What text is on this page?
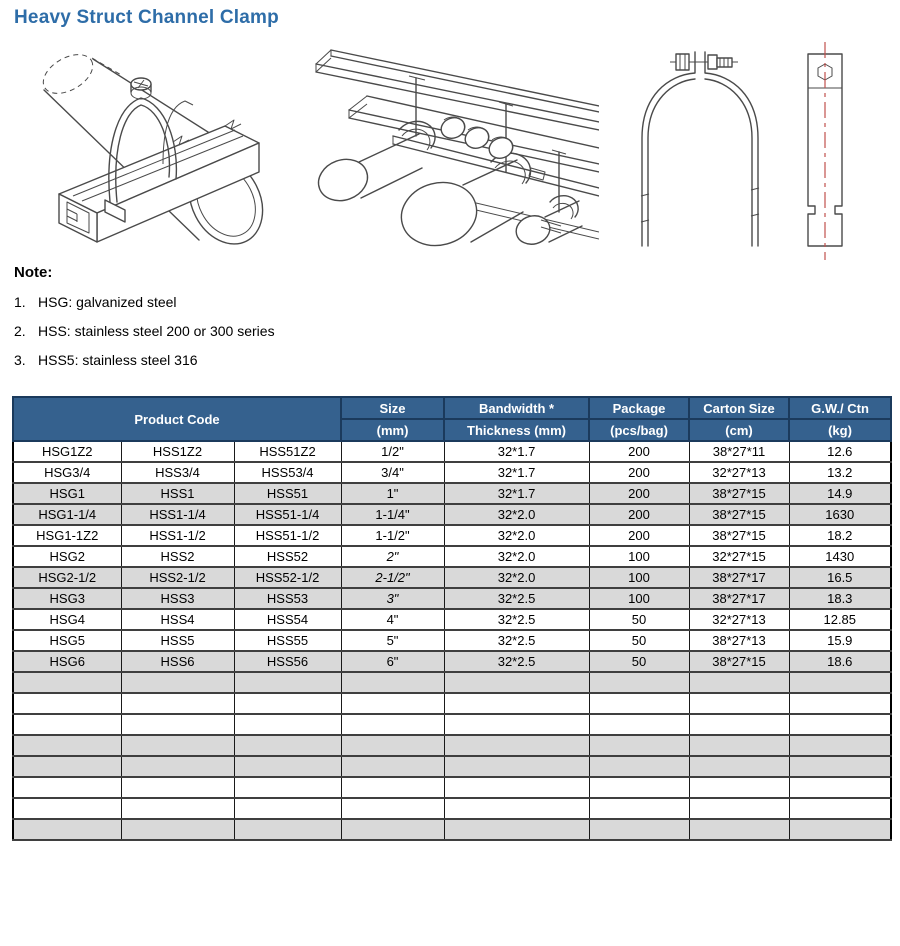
Heavy Struct Channel Clamp
Note:
1. HSG: galvanized steel
2. HSS: stainless steel 200 or 300 series
3. HSS5: stainless steel 316
Product Code			Size	Bandwidth *	Package	Carton Size	G.W./ Ctn
			(mm)	Thickness (mm)	(pcs/bag)	(cm)	(kg)
HSG1Z2	HSS1Z2	HSS51Z2	1/2"	32*1.7	200	38*27*11	12.6
HSG3/4	HSS3/4	HSS53/4	3/4"	32*1.7	200	32*27*13	13.2
HSG1	HSS1	HSS51	1"	32*1.7	200	38*27*15	14.9
HSG1-1/4	HSS1-1/4	HSS51-1/4	1-1/4"	32*2.0	200	38*27*15	1630
HSG1-1Z2	HSS1-1/2	HSS51-1/2	1-1/2"	32*2.0	200	38*27*15	18.2
HSG2	HSS2	HSS52	2"	32*2.0	100	32*27*15	1430
HSG2-1/2	HSS2-1/2	HSS52-1/2	2-1/2"	32*2.0	100	38*27*17	16.5
HSG3	HSS3	HSS53	3"	32*2.5	100	38*27*17	18.3
HSG4	HSS4	HSS54	4"	32*2.5	50	32*27*13	12.85
HSG5	HSS5	HSS55	5"	32*2.5	50	38*27*13	15.9
HSG6	HSS6	HSS56	6"	32*2.5	50	38*27*15	18.6
